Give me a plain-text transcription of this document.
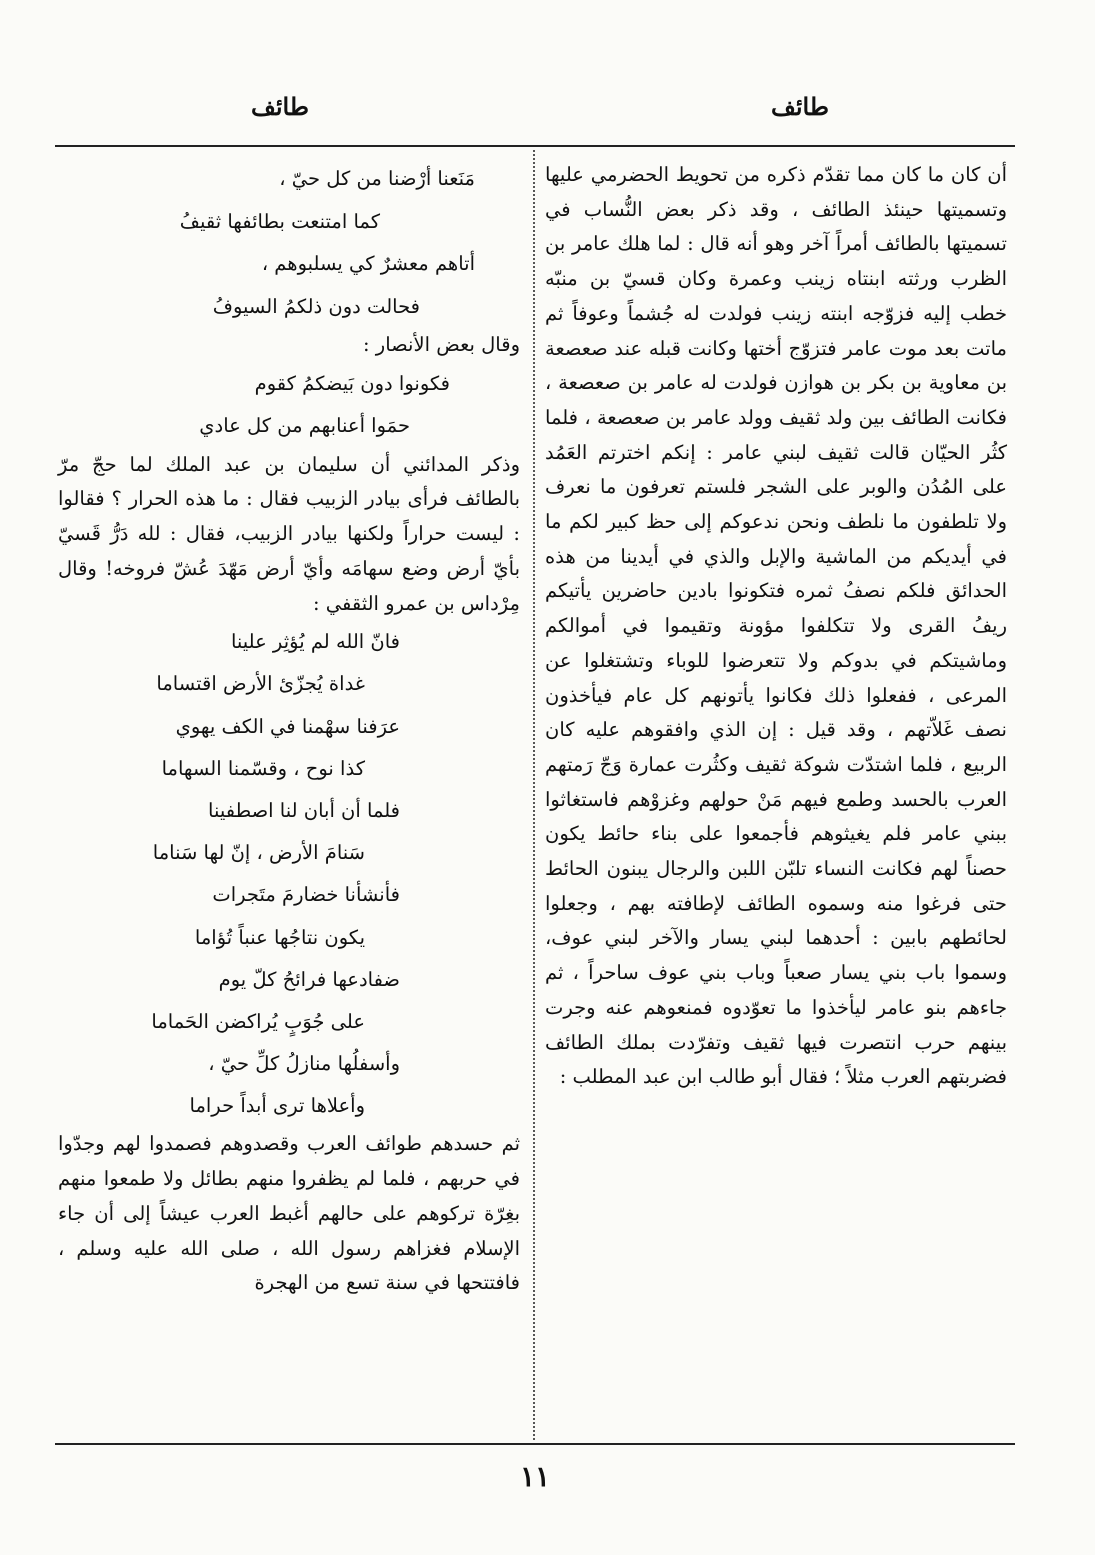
طائف
طائف

أن كان ما كان مما تقدّم ذكره من تحويط الحضرمي عليها وتسميتها حينئذ الطائف ، وقد ذكر بعض النُّساب في تسميتها بالطائف أمراً آخر وهو أنه قال : لما هلك عامر بن الظرب ورثته ابنتاه زينب وعمرة وكان قسيّ بن منبّه خطب إليه فزوّجه ابنته زينب فولدت له جُشماً وعوفاً ثم ماتت بعد موت عامر فتزوّج أختها وكانت قبله عند صعصعة بن معاوية بن بكر بن هوازن فولدت له عامر بن صعصعة ، فكانت الطائف بين ولد ثقيف وولد عامر بن صعصعة ، فلما كثُر الحيّان قالت ثقيف لبني عامر : إنكم اخترتم العَمُد على المُدُن والوبر على الشجر فلستم تعرفون ما نعرف ولا تلطفون ما نلطف ونحن ندعوكم إلى حظ كبير لكم ما في أيديكم من الماشية والإبل والذي في أيدينا من هذه الحدائق فلكم نصفُ ثمره فتكونوا بادين حاضرين يأتيكم ريفُ القرى ولا تتكلفوا مؤونة وتقيموا في أموالكم وماشيتكم في بدوكم ولا تتعرضوا للوباء وتشتغلوا عن المرعى ، ففعلوا ذلك فكانوا يأتونهم كل عام فيأخذون نصف غَلاّتهم ، وقد قيل : إن الذي وافقوهم عليه كان الربيع ، فلما اشتدّت شوكة ثقيف وكثُرت عمارة وَجّ رَمتهم العرب بالحسد وطمع فيهم مَنْ حولهم وغزوْهم فاستغاثوا ببني عامر فلم يغيثوهم فأجمعوا على بناء حائط يكون حصناً لهم فكانت النساء تلبّن اللبن والرجال يبنون الحائط حتى فرغوا منه وسموه الطائف لإطافته بهم ، وجعلوا لحائطهم بابين : أحدهما لبني يسار والآخر لبني عوف، وسموا باب بني يسار صعباً وباب بني عوف ساحراً ، ثم جاءهم بنو عامر ليأخذوا ما تعوّدوه فمنعوهم عنه وجرت بينهم حرب انتصرت فيها ثقيف وتفرّدت بملك الطائف فضربتهم العرب مثلاً ؛ فقال أبو طالب ابن عبد المطلب :

مَنَعنا أرْضنا من كل حيّ ،
كما امتنعت بطائفها ثقيفُ
أتاهم معشرٌ كي يسلبوهم ،
فحالت دون ذلكمُ السيوفُ

وقال بعض الأنصار :

فكونوا دون بَيضكمُ كقوم
حمَوا أعنابهم من كل عادي

وذكر المدائني أن سليمان بن عبد الملك لما حجّ مرّ بالطائف فرأى بيادر الزبيب فقال : ما هذه الحرار ؟ فقالوا : ليست حراراً ولكنها بيادر الزبيب، فقال : لله دَرُّ قَسيّ بأيّ أرض وضع سهامَه وأيّ أرض مَهّدَ عُشّ فروخه! وقال مِرْداس بن عمرو الثقفي :

فانّ الله لم يُؤثِر علينا
غداة يُجزّئ الأرض اقتساما
عرَفنا سهْمنا في الكف يهوي
كذا نوح ، وقسّمنا السهاما
فلما أن أبان لنا اصطفينا
سَنامَ الأرض ، إنّ لها سَناما
فأنشأنا خضارمَ متَجرات
يكون نتاجُها عنباً تُؤاما
ضفادعها فرائحُ كلّ يوم
على جُوَبٍ يُراكضن الحَماما
وأسفلُها منازلُ كلِّ حيّ ،
وأعلاها ترى أبداً حراما

ثم حسدهم طوائف العرب وقصدوهم فصمدوا لهم وجدّوا في حربهم ، فلما لم يظفروا منهم بطائل ولا طمعوا منهم بغِرّة تركوهم على حالهم أغبط العرب عيشاً إلى أن جاء الإسلام فغزاهم رسول الله ، صلى الله عليه وسلم ، فافتتحها في سنة تسع من الهجرة

١١
